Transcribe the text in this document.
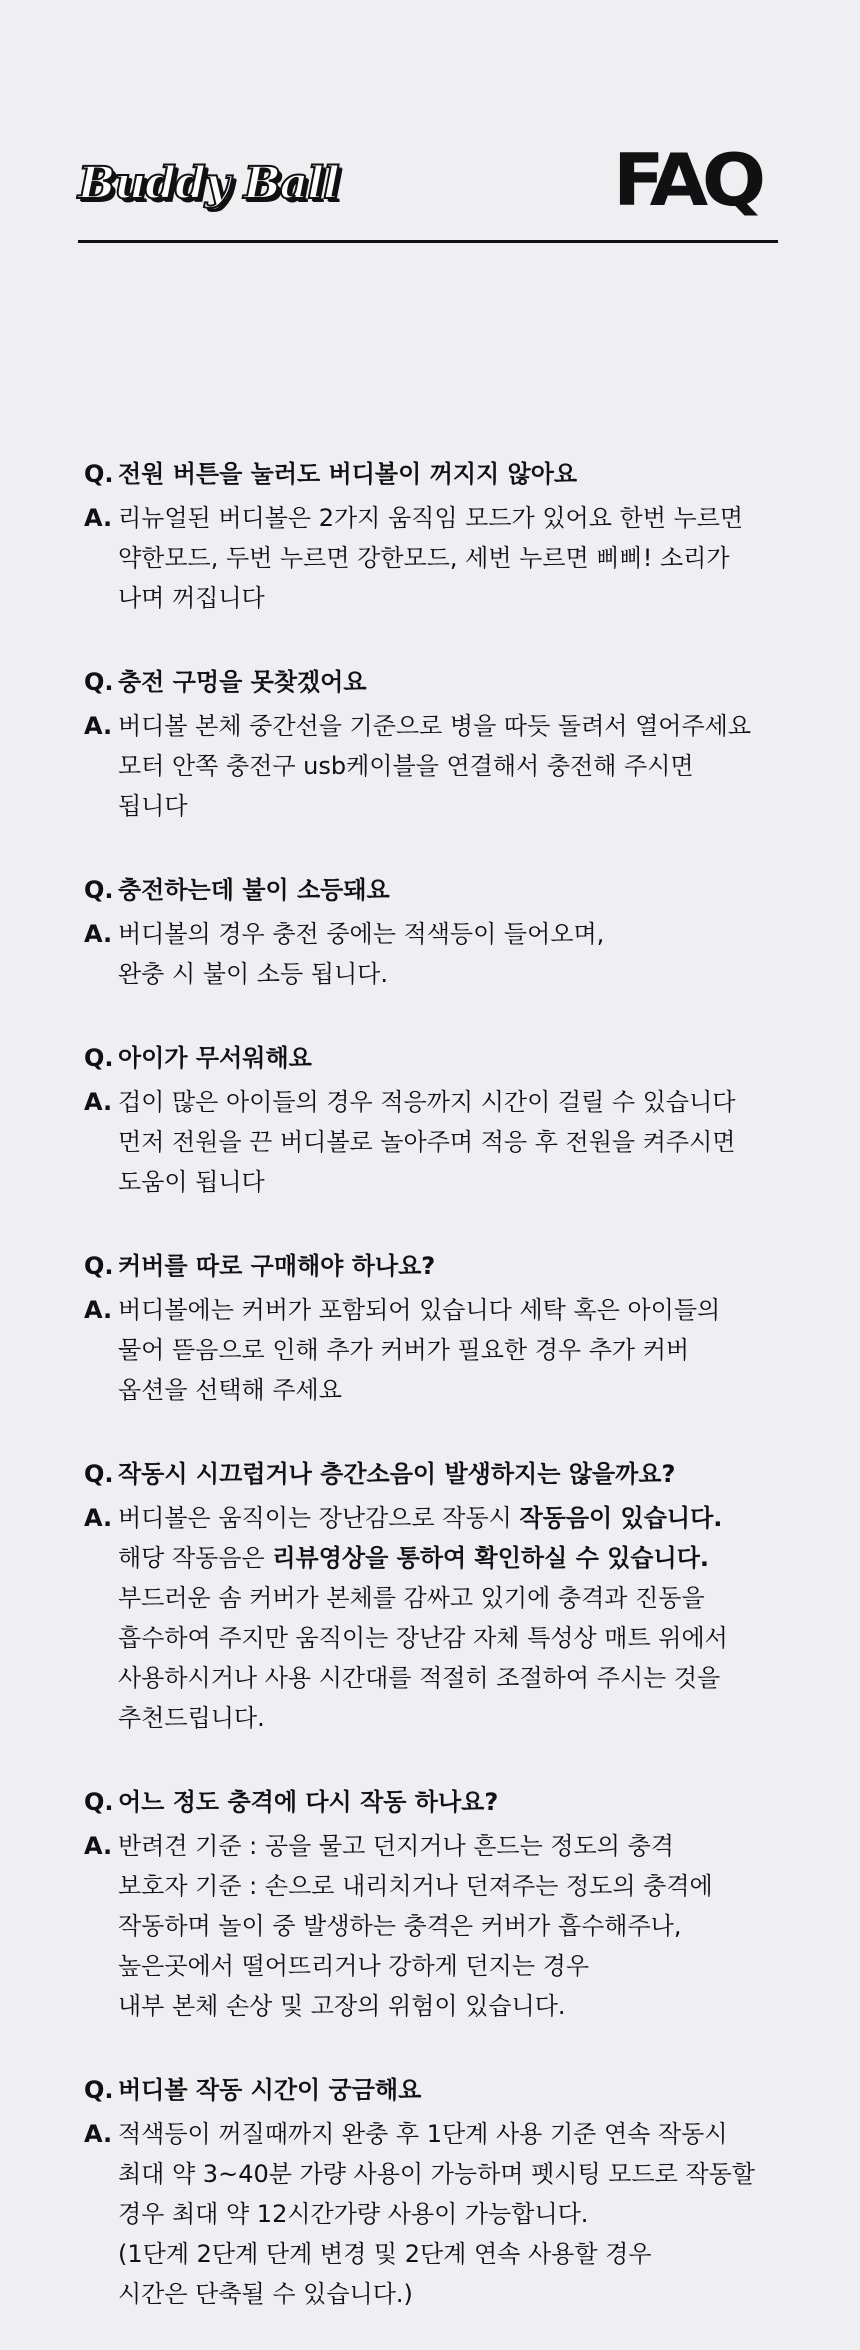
Buddy Ball	FAQ
Q. 전원 버튼을 눌러도 버디볼이 꺼지지 않아요
A. 리뉴얼된 버디볼은 2가지 움직임 모드가 있어요 한번 누르면
약한모드, 두번 누르면 강한모드, 세번 누르면 삐삐! 소리가
나며 꺼집니다
Q. 충전 구멍을 못찾겠어요
A. 버디볼 본체 중간선을 기준으로 병을 따듯 돌려서 열어주세요
모터 안쪽 충전구 usb케이블을 연결해서 충전해 주시면
됩니다
Q. 충전하는데 불이 소등돼요
A. 버디볼의 경우 충전 중에는 적색등이 들어오며,
완충 시 불이 소등 됩니다.
Q. 아이가 무서워해요
A. 겁이 많은 아이들의 경우 적응까지 시간이 걸릴 수 있습니다
먼저 전원을 끈 버디볼로 놀아주며 적응 후 전원을 켜주시면
도움이 됩니다
Q. 커버를 따로 구매해야 하나요?
A. 버디볼에는 커버가 포함되어 있습니다 세탁 혹은 아이들의
물어 뜯음으로 인해 추가 커버가 필요한 경우 추가 커버
옵션을 선택해 주세요
Q. 작동시 시끄럽거나 층간소음이 발생하지는 않을까요?
A. 버디볼은 움직이는 장난감으로 작동시 작동음이 있습니다.
해당 작동음은 리뷰영상을 통하여 확인하실 수 있습니다.
부드러운 솜 커버가 본체를 감싸고 있기에 충격과 진동을
흡수하여 주지만 움직이는 장난감 자체 특성상 매트 위에서
사용하시거나 사용 시간대를 적절히 조절하여 주시는 것을
추천드립니다.
Q. 어느 정도 충격에 다시 작동 하나요?
A. 반려견 기준 : 공을 물고 던지거나 흔드는 정도의 충격
보호자 기준 : 손으로 내리치거나 던져주는 정도의 충격에
작동하며 놀이 중 발생하는 충격은 커버가 흡수해주나,
높은곳에서 떨어뜨리거나 강하게 던지는 경우
내부 본체 손상 및 고장의 위험이 있습니다.
Q. 버디볼 작동 시간이 궁금해요
A. 적색등이 꺼질때까지 완충 후 1단계 사용 기준 연속 작동시
최대 약 3~40분 가량 사용이 가능하며 펫시팅 모드로 작동할
경우 최대 약 12시간가량 사용이 가능합니다.
(1단계 2단계 단계 변경 및 2단계 연속 사용할 경우
시간은 단축될 수 있습니다.)
